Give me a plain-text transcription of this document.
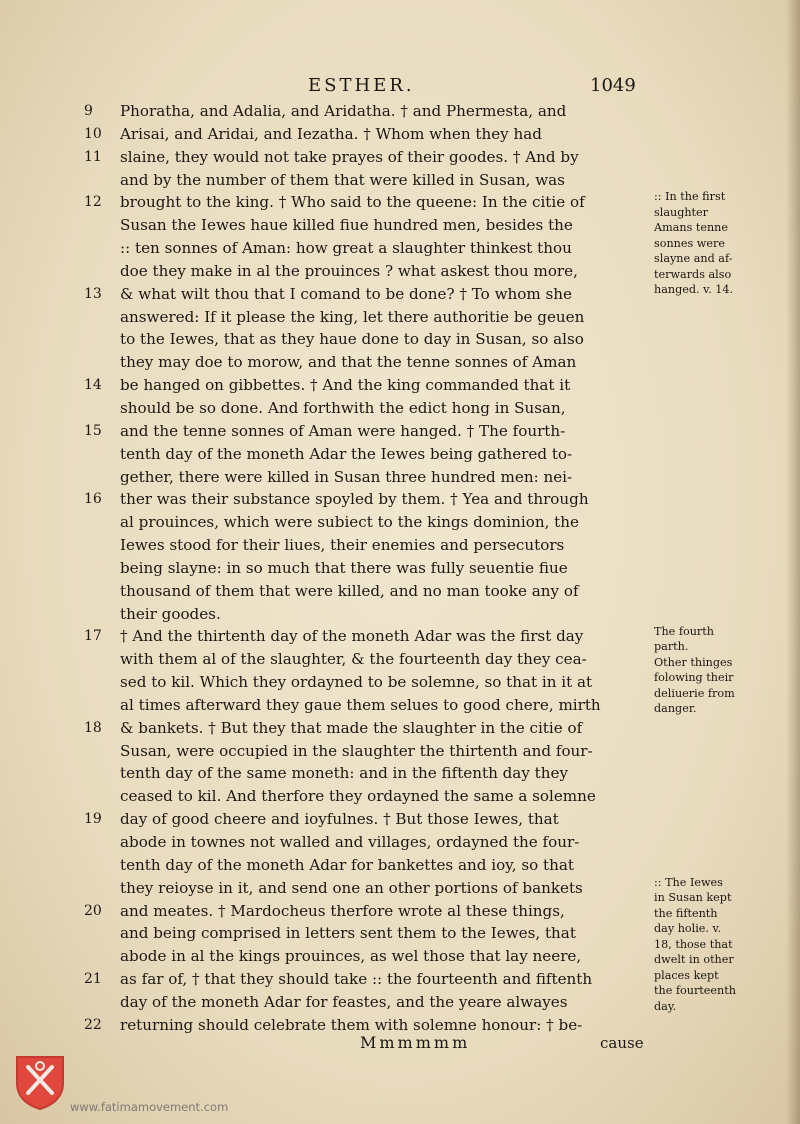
ESTHER.	1049
9	Phoratha, and Adalia, and Aridatha. † and Phermesta, and
10	Arisai, and Aridai, and Iezatha. † Whom when they had
11	slaine, they would not take prayes of their goodes. † And by
and by the number of them that were killed in Susan, was
12	brought to the king. † Who said to the queene: In the citie of
Susan the Iewes haue killed fiue hundred men, besides the
:: ten sonnes of Aman: how great a slaughter thinkest thou
doe they make in al the prouinces ? what askest thou more,
13	& what wilt thou that I comand to be done? † To whom she
answered: If it please the king, let there authoritie be geuen
to the Iewes, that as they haue done to day in Susan, so also
they may doe to morow, and that the tenne sonnes of Aman
14	be hanged on gibbettes. † And the king commanded that it
should be so done. And forthwith the edict hong in Susan,
15	and the tenne sonnes of Aman were hanged. † The fourth-
tenth day of the moneth Adar the Iewes being gathered to-
gether, there were killed in Susan three hundred men: nei-
16	ther was their substance spoyled by them. † Yea and through
al prouinces, which were subiect to the kings dominion, the
Iewes stood for their liues, their enemies and persecutors
being slayne: in so much that there was fully seuentie fiue
thousand of them that were killed, and no man tooke any of
their goodes.
17	† And the thirtenth day of the moneth Adar was the first day
with them al of the slaughter, & the fourteenth day they cea-
sed to kil. Which they ordayned to be solemne, so that in it at
al times afterward they gaue them selues to good chere, mirth
18	& bankets. † But they that made the slaughter in the citie of
Susan, were occupied in the slaughter the thirtenth and four-
tenth day of the same moneth: and in the fiftenth day they
ceased to kil. And therfore they ordayned the same a solemne
19	day of good cheere and ioyfulnes. † But those Iewes, that
abode in townes not walled and villages, ordayned the four-
tenth day of the moneth Adar for bankettes and ioy, so that
they reioyse in it, and send one an other portions of bankets
20	and meates. † Mardocheus therfore wrote al these things,
and being comprised in letters sent them to the Iewes, that
abode in al the kings prouinces, as wel those that lay neere,
21	as far of, † that they should take :: the fourteenth and fiftenth
day of the moneth Adar for feastes, and the yeare alwayes
22	returning should celebrate them with solemne honour: † be-
:: In the first
slaughter
Amans tenne
sonnes were
slayne and af-
terwards also
hanged. v. 14.
The fourth
parth.
Other thinges
folowing their
deliuerie from
danger.
:: The Iewes
in Susan kept
the fiftenth
day holie. v.
18, those that
dwelt in other
places kept
the fourteenth
day.
Mmmmmm	cause
www.fatimamovement.com
